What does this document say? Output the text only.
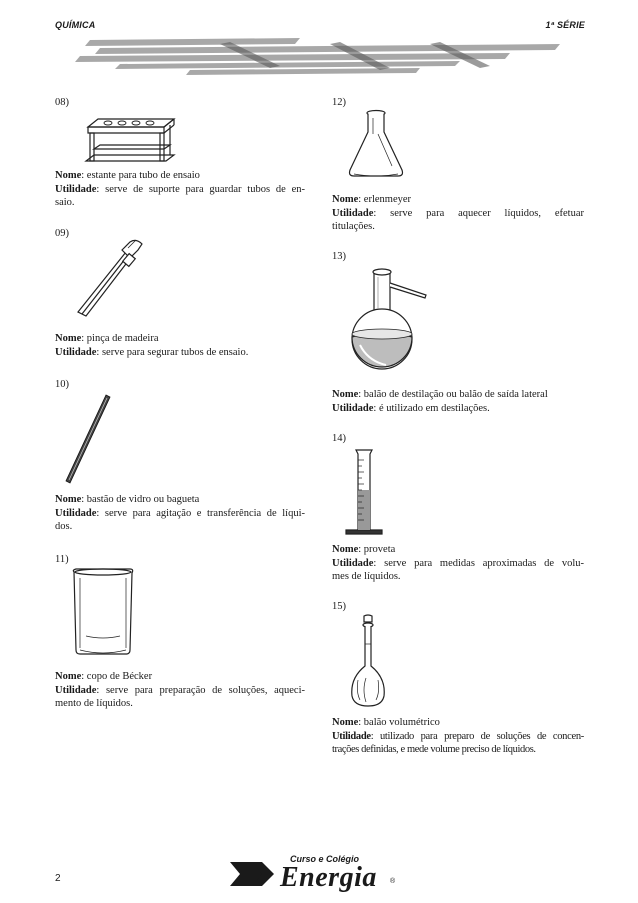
QUÍMICA	1ª SÉRIE
08)

Nome: estante para tubo de ensaio

Utilidade: serve de suporte para guardar tubos de en-

saio.

09)

Nome: pinça de madeira

Utilidade: serve para segurar tubos de ensaio.

10)

Nome: bastão de vidro ou bagueta

Utilidade: serve para agitação e transferência de líqui-

dos.

11)

Nome: copo de Bécker

Utilidade: serve para preparação de soluções, aqueci-

mento de líquidos.

12)

Nome: erlenmeyer

Utilidade: serve para aquecer líquidos, efetuar

titulações.

13)

Nome: balão de destilação ou balão de saída lateral

Utilidade: é utilizado em destilações.

14)

Nome: proveta

Utilidade: serve para medidas aproximadas de volu-

mes de líquidos.

15)

Nome: balão volumétrico

Utilidade: utilizado para preparo de soluções de concen-

trações definidas, e mede volume preciso de líquidos.

2
Curso e Colégio
Energia ®
